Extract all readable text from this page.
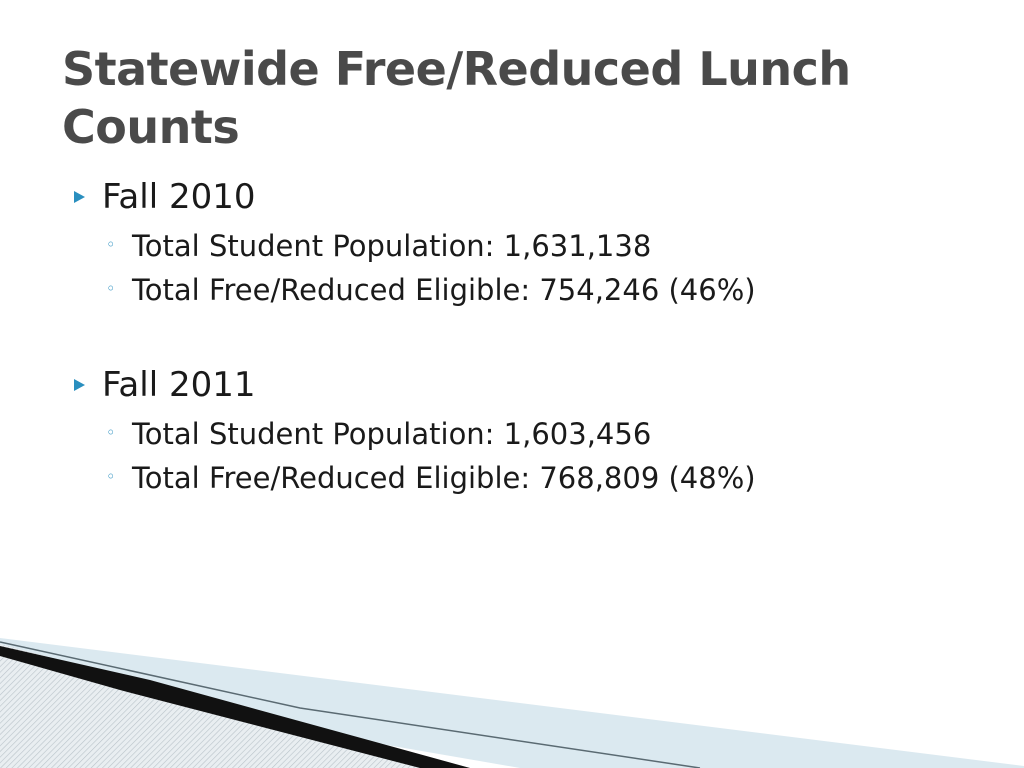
Statewide Free/Reduced Lunch Counts
Fall 2010
◦ Total Student Population: 1,631,138
◦ Total Free/Reduced Eligible: 754,246 (46%)
Fall 2011
◦ Total Student Population: 1,603,456
◦ Total Free/Reduced Eligible: 768,809 (48%)
